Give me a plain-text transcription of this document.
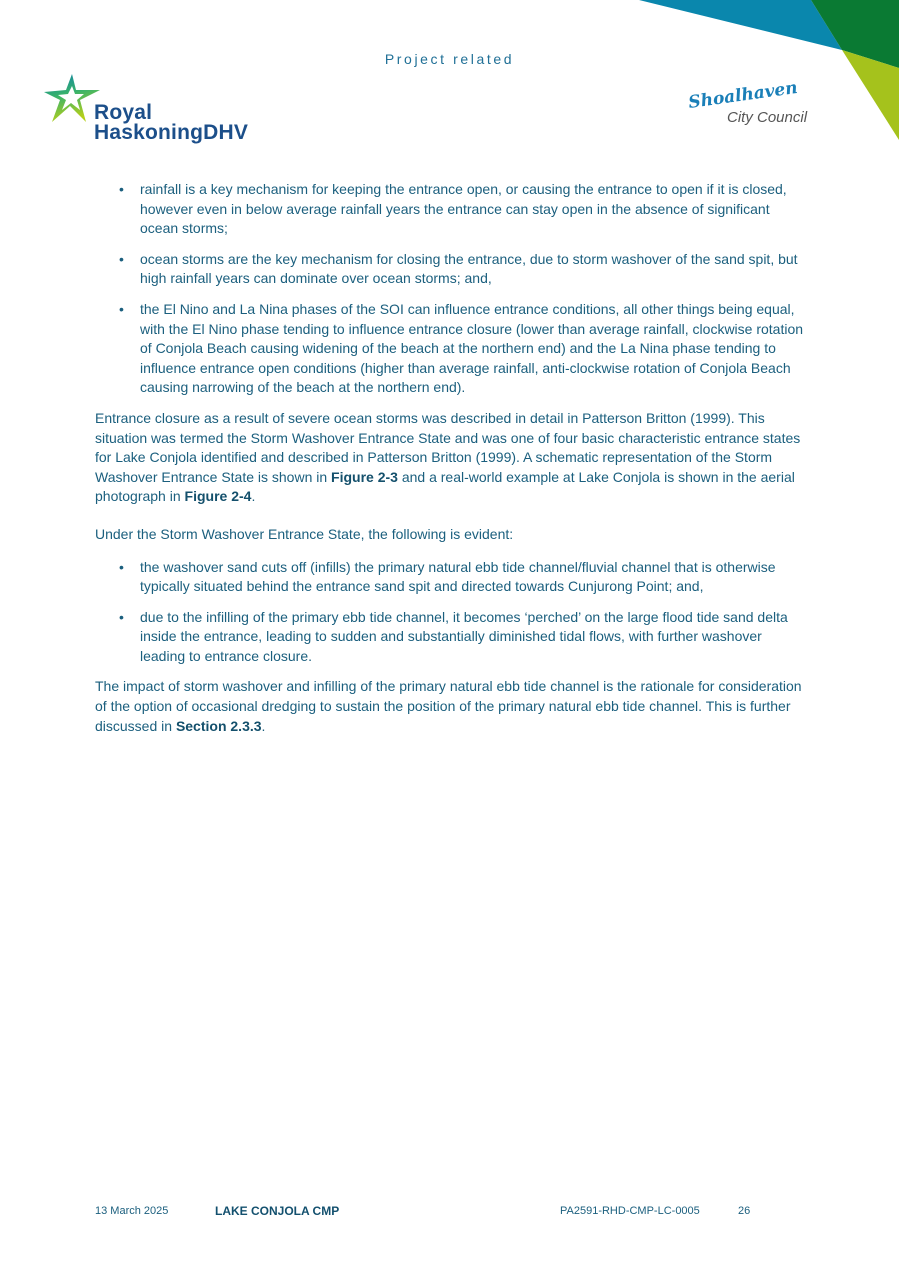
Project related
Royal
HaskoningDHV
Shoalhaven
City Council
• rainfall is a key mechanism for keeping the entrance open, or causing the entrance to open if it is closed, however even in below average rainfall years the entrance can stay open in the absence of significant ocean storms;
• ocean storms are the key mechanism for closing the entrance, due to storm washover of the sand spit, but high rainfall years can dominate over ocean storms; and,
• the El Nino and La Nina phases of the SOI can influence entrance conditions, all other things being equal, with the El Nino phase tending to influence entrance closure (lower than average rainfall, clockwise rotation of Conjola Beach causing widening of the beach at the northern end) and the La Nina phase tending to influence entrance open conditions (higher than average rainfall, anti-clockwise rotation of Conjola Beach causing narrowing of the beach at the northern end).

Entrance closure as a result of severe ocean storms was described in detail in Patterson Britton (1999). This situation was termed the Storm Washover Entrance State and was one of four basic characteristic entrance states for Lake Conjola identified and described in Patterson Britton (1999). A schematic representation of the Storm Washover Entrance State is shown in Figure 2-3 and a real-world example at Lake Conjola is shown in the aerial photograph in Figure 2-4.

Under the Storm Washover Entrance State, the following is evident:

• the washover sand cuts off (infills) the primary natural ebb tide channel/fluvial channel that is otherwise typically situated behind the entrance sand spit and directed towards Cunjurong Point; and,
• due to the infilling of the primary ebb tide channel, it becomes ‘perched’ on the large flood tide sand delta inside the entrance, leading to sudden and substantially diminished tidal flows, with further washover leading to entrance closure.

The impact of storm washover and infilling of the primary natural ebb tide channel is the rationale for consideration of the option of occasional dredging to sustain the position of the primary natural ebb tide channel. This is further discussed in Section 2.3.3.

13 March 2025	LAKE CONJOLA CMP	PA2591-RHD-CMP-LC-0005	26
